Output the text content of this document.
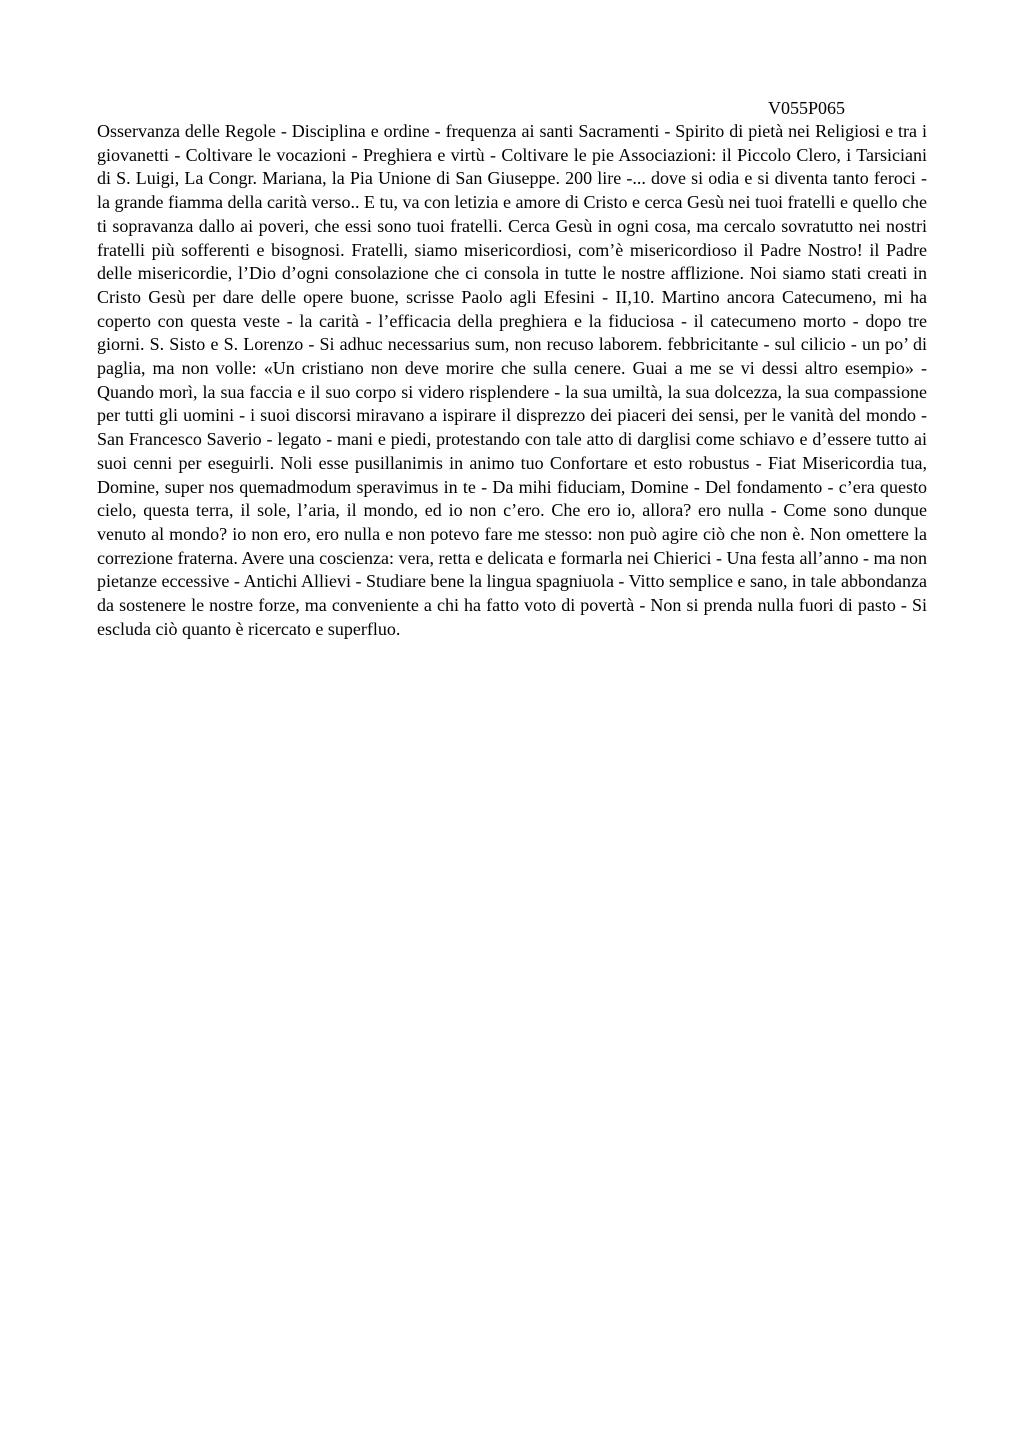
V055P065

Osservanza delle Regole - Disciplina e ordine - frequenza ai santi Sacramenti - Spirito di pietà nei Religiosi e tra i giovanetti - Coltivare le vocazioni - Preghiera e virtù - Coltivare le pie Associazioni: il Piccolo Clero, i Tarsiciani di S. Luigi, La Congr. Mariana, la Pia Unione di San Giuseppe. 200 lire -... dove si odia e si diventa tanto feroci - la grande fiamma della carità verso.. E tu, va con letizia e amore di Cristo e cerca Gesù nei tuoi fratelli e quello che ti sopravanza dallo ai poveri, che essi sono tuoi fratelli. Cerca Gesù in ogni cosa, ma cercalo sovratutto nei nostri fratelli più sofferenti e bisognosi. Fratelli, siamo misericordiosi, com’è misericordioso il Padre Nostro! il Padre delle misericordie, l’Dio d’ogni consolazione che ci consola in tutte le nostre afflizione. Noi siamo stati creati in Cristo Gesù per dare delle opere buone, scrisse Paolo agli Efesini - II,10. Martino ancora Catecumeno, mi ha coperto con questa veste - la carità - l’efficacia della preghiera e la fiduciosa - il catecumeno morto - dopo tre giorni. S. Sisto e S. Lorenzo - Si adhuc necessarius sum, non recuso laborem. febbricitante - sul cilicio - un po’ di paglia, ma non volle: «Un cristiano non deve morire che sulla cenere. Guai a me se vi dessi altro esempio» - Quando morì, la sua faccia e il suo corpo si videro risplendere - la sua umiltà, la sua dolcezza, la sua compassione per tutti gli uomini - i suoi discorsi miravano a ispirare il disprezzo dei piaceri dei sensi, per le vanità del mondo - San Francesco Saverio - legato - mani e piedi, protestando con tale atto di darglisi come schiavo e d’essere tutto ai suoi cenni per eseguirli. Noli esse pusillanimis in animo tuo Confortare et esto robustus - Fiat Misericordia tua, Domine, super nos quemadmodum speravimus in te - Da mihi fiduciam, Domine - Del fondamento - c’era questo cielo, questa terra, il sole, l’aria, il mondo, ed io non c’ero. Che ero io, allora? ero nulla - Come sono dunque venuto al mondo? io non ero, ero nulla e non potevo fare me stesso: non può agire ciò che non è. Non omettere la correzione fraterna. Avere una coscienza: vera, retta e delicata e formarla nei Chierici - Una festa all’anno - ma non pietanze eccessive - Antichi Allievi - Studiare bene la lingua spagniuola - Vitto semplice e sano, in tale abbondanza da sostenere le nostre forze, ma conveniente a chi ha fatto voto di povertà - Non si prenda nulla fuori di pasto - Si escluda ciò quanto è ricercato e superfluo.
